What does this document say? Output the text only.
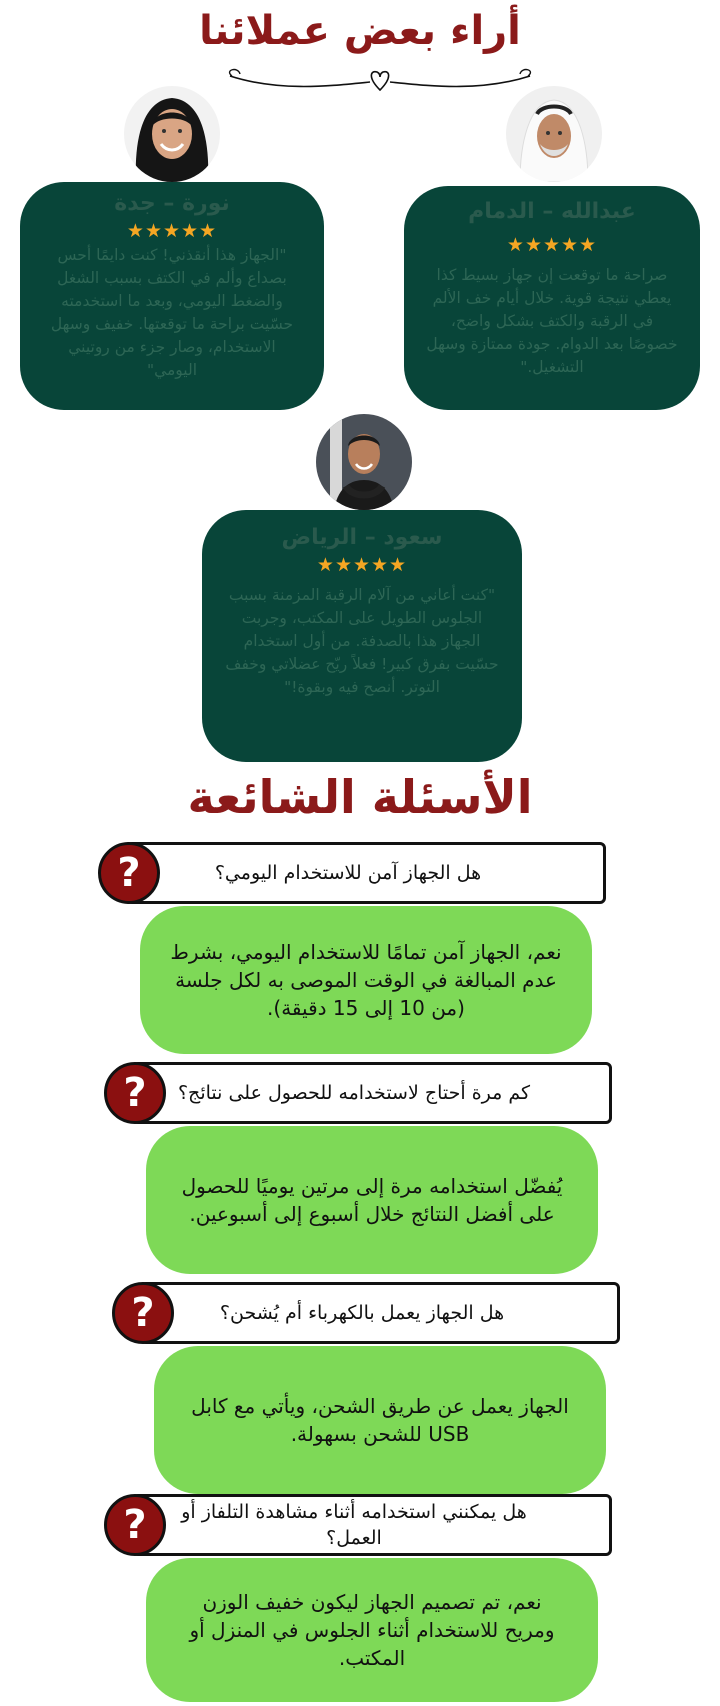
أراء بعض عملائنا
نورة – جدة
★★★★★
"الجهاز هذا أنقذني! كنت دايمًا أحس بصداع وألم في الكتف بسبب الشغل والضغط اليومي، وبعد ما استخدمته حسّيت براحة ما توقعتها. خفيف وسهل الاستخدام، وصار جزء من روتيني اليومي"
عبدالله – الدمام
★★★★★
صراحة ما توقعت إن جهاز بسيط كذا يعطي نتيجة قوية. خلال أيام خف الألم في الرقبة والكتف بشكل واضح، خصوصًا بعد الدوام. جودة ممتازة وسهل التشغيل."
سعود – الرياض
★★★★★
"كنت أعاني من آلام الرقبة المزمنة بسبب الجلوس الطويل على المكتب، وجربت الجهاز هذا بالصدفة. من أول استخدام حسّيت بفرق كبير! فعلاً ريّح عضلاتي وخفف التوتر. أنصح فيه وبقوة!"
الأسئلة الشائعة
هل الجهاز آمن للاستخدام اليومي؟
?
نعم، الجهاز آمن تمامًا للاستخدام اليومي، بشرط عدم المبالغة في الوقت الموصى به لكل جلسة (من 10 إلى 15 دقيقة).
كم مرة أحتاج لاستخدامه للحصول على نتائج؟
?
يُفضّل استخدامه مرة إلى مرتين يوميًا للحصول على أفضل النتائج خلال أسبوع إلى أسبوعين.
هل الجهاز يعمل بالكهرباء أم يُشحن؟
?
الجهاز يعمل عن طريق الشحن، ويأتي مع كابل USB للشحن بسهولة.
هل يمكنني استخدامه أثناء مشاهدة التلفاز أو العمل؟
?
نعم، تم تصميم الجهاز ليكون خفيف الوزن ومريح للاستخدام أثناء الجلوس في المنزل أو المكتب.
